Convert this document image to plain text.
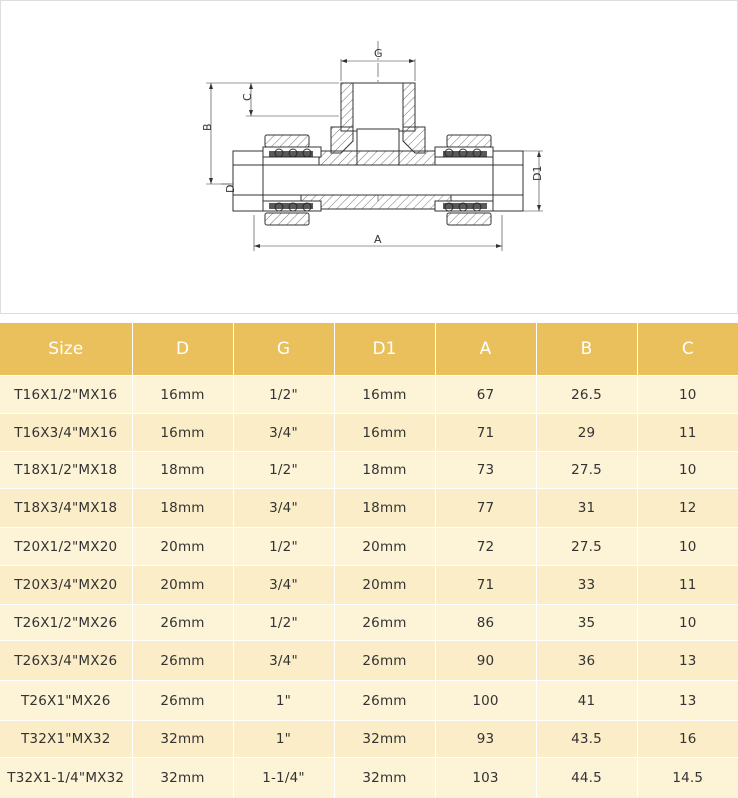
G
C
B
D
D1
A
Size	D	G	D1	A	B	C
T16X1/2"MX16	16mm	1/2"	16mm	67	26.5	10
T16X3/4"MX16	16mm	3/4"	16mm	71	29	11
T18X1/2"MX18	18mm	1/2"	18mm	73	27.5	10
T18X3/4"MX18	18mm	3/4"	18mm	77	31	12
T20X1/2"MX20	20mm	1/2"	20mm	72	27.5	10
T20X3/4"MX20	20mm	3/4"	20mm	71	33	11
T26X1/2"MX26	26mm	1/2"	26mm	86	35	10
T26X3/4"MX26	26mm	3/4"	26mm	90	36	13
T26X1"MX26	26mm	1"	26mm	100	41	13
T32X1"MX32	32mm	1"	32mm	93	43.5	16
T32X1-1/4"MX32	32mm	1-1/4"	32mm	103	44.5	14.5
